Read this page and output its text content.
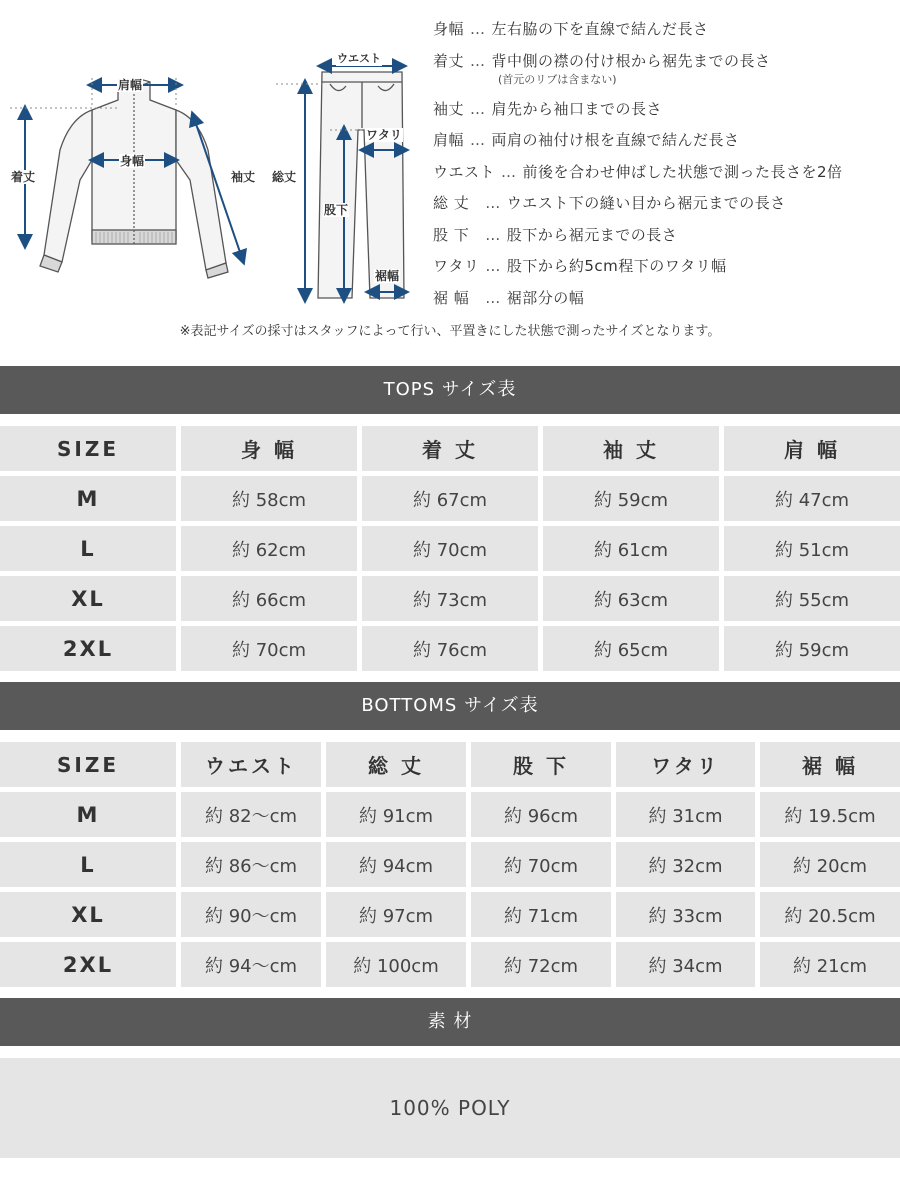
肩幅
身幅
着丈	袖丈
ウエスト
総丈
ワタリ
股下
裾幅
身幅 … 左右脇の下を直線で結んだ長さ
着丈 … 背中側の襟の付け根から裾先までの長さ
(首元のリブは含まない)
袖丈 … 肩先から袖口までの長さ
肩幅 … 両肩の袖付け根を直線で結んだ長さ
ウエスト … 前後を合わせ伸ばした状態で測った長さを2倍
総 丈 … ウエスト下の縫い目から裾元までの長さ
股 下 … 股下から裾元までの長さ
ワタリ … 股下から約5cm程下のワタリ幅
裾 幅 … 裾部分の幅
※表記サイズの採寸はスタッフによって行い、平置きにした状態で測ったサイズとなります。
TOPS サイズ表
SIZE	身 幅	着 丈	袖 丈	肩 幅
M	約 58cm	約 67cm	約 59cm	約 47cm
L	約 62cm	約 70cm	約 61cm	約 51cm
XL	約 66cm	約 73cm	約 63cm	約 55cm
2XL	約 70cm	約 76cm	約 65cm	約 59cm
BOTTOMS サイズ表
SIZE	ウエスト	総 丈	股 下	ワタリ	裾 幅
M	約 82～cm	約 91cm	約 96cm	約 31cm	約 19.5cm
L	約 86～cm	約 94cm	約 70cm	約 32cm	約 20cm
XL	約 90～cm	約 97cm	約 71cm	約 33cm	約 20.5cm
2XL	約 94～cm	約 100cm	約 72cm	約 34cm	約 21cm
素 材
100% POLY
